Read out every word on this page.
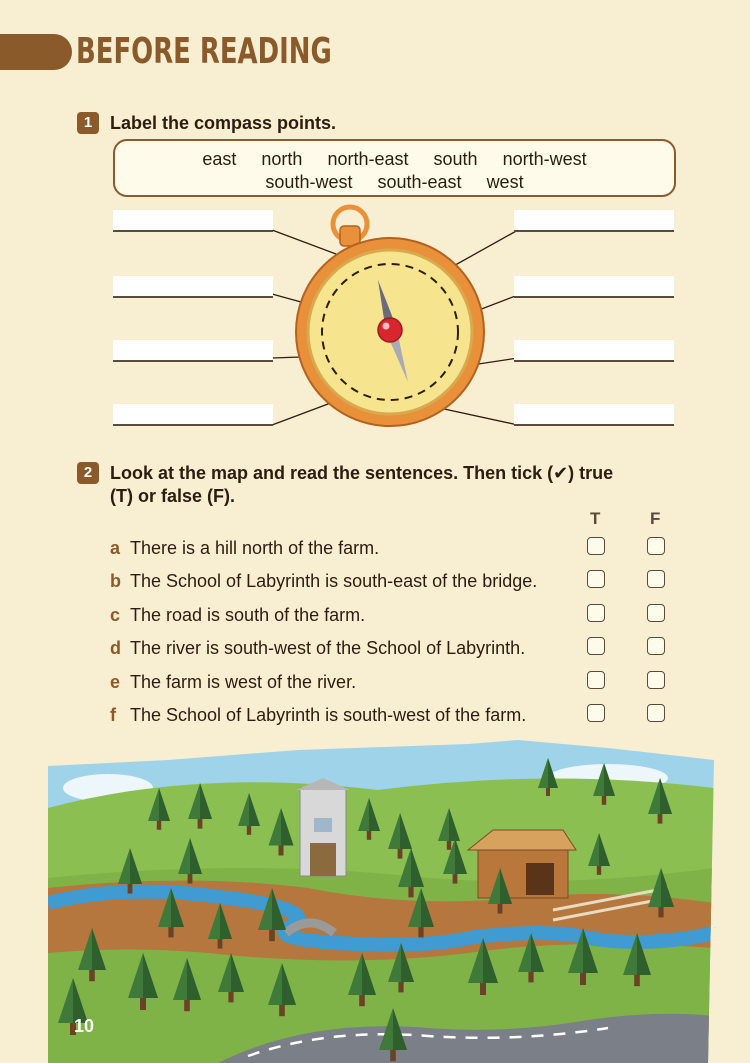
BEFORE READING
1 Label the compass points.
east north north-east south north-west
south-west south-east west
2 Look at the map and read the sentences. Then tick (✔) true
(T) or false (F).
T	F
a There is a hill north of the farm.
b The School of Labyrinth is south-east of the bridge.
c The road is south of the farm.
d The river is south-west of the School of Labyrinth.
e The farm is west of the river.
f The School of Labyrinth is south-west of the farm.
10
